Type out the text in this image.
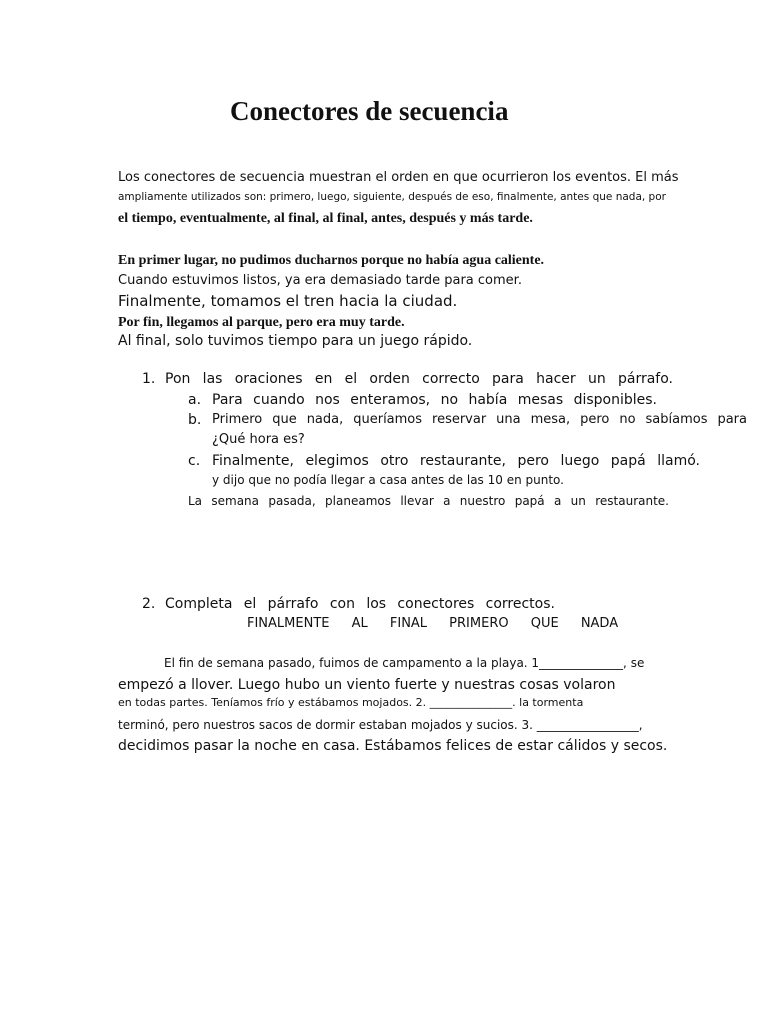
Conectores de secuencia
Los conectores de secuencia muestran el orden en que ocurrieron los eventos. El más
ampliamente utilizados son: primero, luego, siguiente, después de eso, finalmente, antes que nada, por
el tiempo, eventualmente, al final, al final, antes, después y más tarde.
En primer lugar, no pudimos ducharnos porque no había agua caliente.
Cuando estuvimos listos, ya era demasiado tarde para comer.
Finalmente, tomamos el tren hacia la ciudad.
Por fin, llegamos al parque, pero era muy tarde.
Al final, solo tuvimos tiempo para un juego rápido.
1. Pon las oraciones en el orden correcto para hacer un párrafo.
a. Para cuando nos enteramos, no había mesas disponibles.
b. Primero que nada, queríamos reservar una mesa, pero no sabíamos para
¿Qué hora es?
c. Finalmente, elegimos otro restaurante, pero luego papá llamó.
y dijo que no podía llegar a casa antes de las 10 en punto.
La semana pasada, planeamos llevar a nuestro papá a un restaurante.
2. Completa el párrafo con los conectores correctos.
FINALMENTE AL FINAL PRIMERO QUE NADA
El fin de semana pasado, fuimos de campamento a la playa. 1______________, se
empezó a llover. Luego hubo un viento fuerte y nuestras cosas volaron
en todas partes. Teníamos frío y estábamos mojados. 2. _______________. la tormenta
terminó, pero nuestros sacos de dormir estaban mojados y sucios. 3. _________________,
decidimos pasar la noche en casa. Estábamos felices de estar cálidos y secos.
